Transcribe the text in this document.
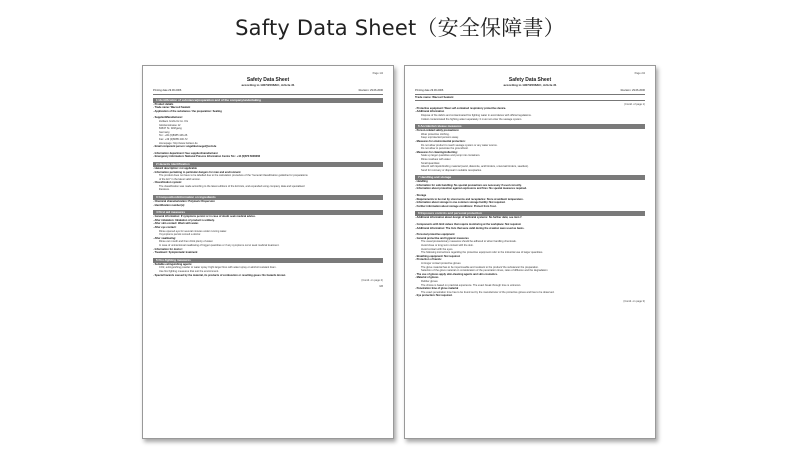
Safty Data Sheet（安全保障書）
Page 1/4
Safety Data Sheet
according to 1907/2006/EC, Article 31
Printing date 29.06.2006	Revision: 29.06.2006
1 Identification of substance/preparation and of the company/undertaking
· Product details
· Trade name: Wacosil Sealant
· Application of the substance / the preparation: Sealing
· Supplier/Manufacturer:
Zettlaco GmbH & Co. KG
Glockenstrasse 12
84637 St. Wolfgang
Germany
Tel.: +49 (0)8085 446-26
Fax: +49 (0)8085 446-72
Homepage: http://www.zetlaco.de
· Email competent person: angelika.koegel@zett.de
· Information department: See supplier/manufacturer
· Emergency information: National Poisons Information Centre Tel.: +44 (0)870 6006266
2 Hazards identification
· Hazard description: not applicable
· Information pertaining to particular dangers for man and environment
The product does not have to be labelled due to the calculation procedure of the "General Classification guideline for preparations
of the EU" in the latest valid version.
· Classification system:
The classification was made according to the latest editions of the EU-lists, and expanded using company data and specialised
literature.
3 Composition/information on ingredients
· Chemical characterization: Polymeric Dispersion
· Identification number(s):
4 First aid measures
· General information: If symptoms persist or in case of doubt seek medical advice.
· After inhalation: Inhalation of product is unlikely.
· After skin contact: Wash with water.
· After eye contact:
Rinse opened eye for several minutes under running water.
If symptoms persist consult a doctor.
· After swallowing:
Rinse out mouth and then drink plenty of water.
In case of unintentional swallowing of bigger quantities or if any symptoms occur seek medical treatment.
· Information for doctor:
· Treatment: Symptomatic treatment
5 Fire-fighting measures
· Suitable extinguishing agents:
CO2, extinguishing powder or water spray. Fight larger fires with water spray or alcohol resistant foam.
Use fire fighting measures that suit the environment.
· Special hazards caused by the material, its products of combustion or resulting gases: No hazards known
(Contd. on page 2)
GB
Page 2/4
Safety Data Sheet
according to 1907/2006/EC, Article 31
Printing date 29.06.2006	Revision: 29.06.2006
Trade name: Wacosil Sealant
(Contd. of page 1)
· Protective equipment: Wear self-contained respiratory protective device.
· Additional information
Dispose of fire debris and contaminated fire fighting water in accordance with official regulations.
Collect contaminated fire fighting water separately. It must not enter the sewage system.
6 Accidental release measures
· Person-related safety precautions:
Wear protective clothing.
Keep unprotected persons away.
· Measures for environmental protection:
Do not allow product to reach sewage system or any water source.
Do not allow to penetrate the ground/soil.
· Measures for cleaning/collecting:
Soak up larger quantities and pump into containers.
Rinse residues with water.
Small quantities:
Absorb with liquid-binding material (sand, diatomite, acid binders, universal binders, sawdust).
Send for recovery or disposal in suitable receptacles.
7 Handling and storage
· Handling
· Information for safe handling: No special precautions are necessary if used correctly.
· Information about protection against explosions and fires: No special measures required.
· Storage
· Requirements to be met by storerooms and receptacles: Store at ambient temperature.
· Information about storage in one common storage facility: Not required.
· Further information about storage conditions: Protect from frost.
8 Exposure controls and personal protection
· Additional information about design of technical systems: No further data; see item 7.
· Components with limit values that require monitoring at the workplace: Not required.
· Additional information: The lists that were valid during the creation were used as basis.
· Personal protective equipment
· General protective and hygienic measures
The usual precautionary measures should be adhered to when handling chemicals.
Avoid close or long term contact with the skin.
Avoid contact with the eyes.
The following instructions regarding the protective equipment refer to the industrial use of larger quantities.
· Breathing equipment: Not required.
· Protection of hands:
At longer contact protective gloves
The glove material has to be impermeable and resistant to the product/ the substance/ the preparation.
Selection of the glove material on consideration of the penetration times, rates of diffusion and the degradation
· The use of gloves apply skin-cleaning agents and skin cosmetics.
· Material of gloves
Rubber gloves
The choice is based on practical experience. The exact break through time is unknown.
· Penetration time of glove material
The exact penetration time has to be found out by the manufacturer of the protective gloves and has to be observed.
· Eye protection: Not required.
(Contd. on page 3)
